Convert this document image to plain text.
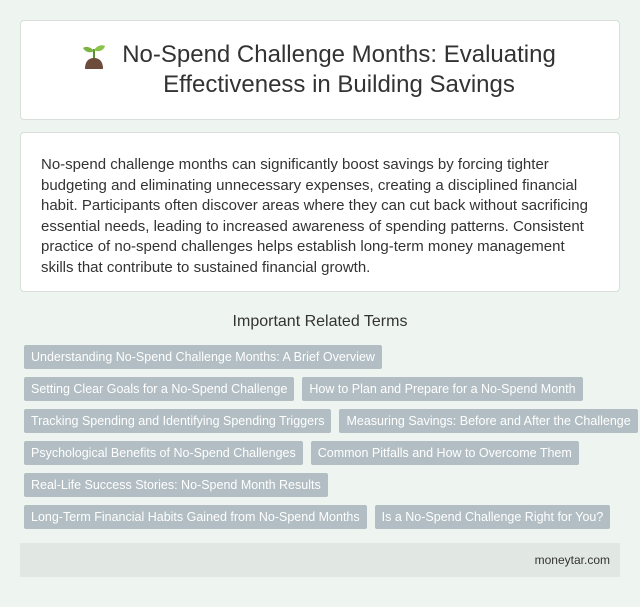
No-Spend Challenge Months: Evaluating Effectiveness in Building Savings

No-spend challenge months can significantly boost savings by forcing tighter budgeting and eliminating unnecessary expenses, creating a disciplined financial habit. Participants often discover areas where they can cut back without sacrificing essential needs, leading to increased awareness of spending patterns. Consistent practice of no-spend challenges helps establish long-term money management skills that contribute to sustained financial growth.

Important Related Terms
Understanding No-Spend Challenge Months: A Brief Overview
Setting Clear Goals for a No-Spend Challenge	How to Plan and Prepare for a No-Spend Month
Tracking Spending and Identifying Spending Triggers	Measuring Savings: Before and After the Challenge
Psychological Benefits of No-Spend Challenges	Common Pitfalls and How to Overcome Them
Real-Life Success Stories: No-Spend Month Results
Long-Term Financial Habits Gained from No-Spend Months	Is a No-Spend Challenge Right for You?
moneytar.com
